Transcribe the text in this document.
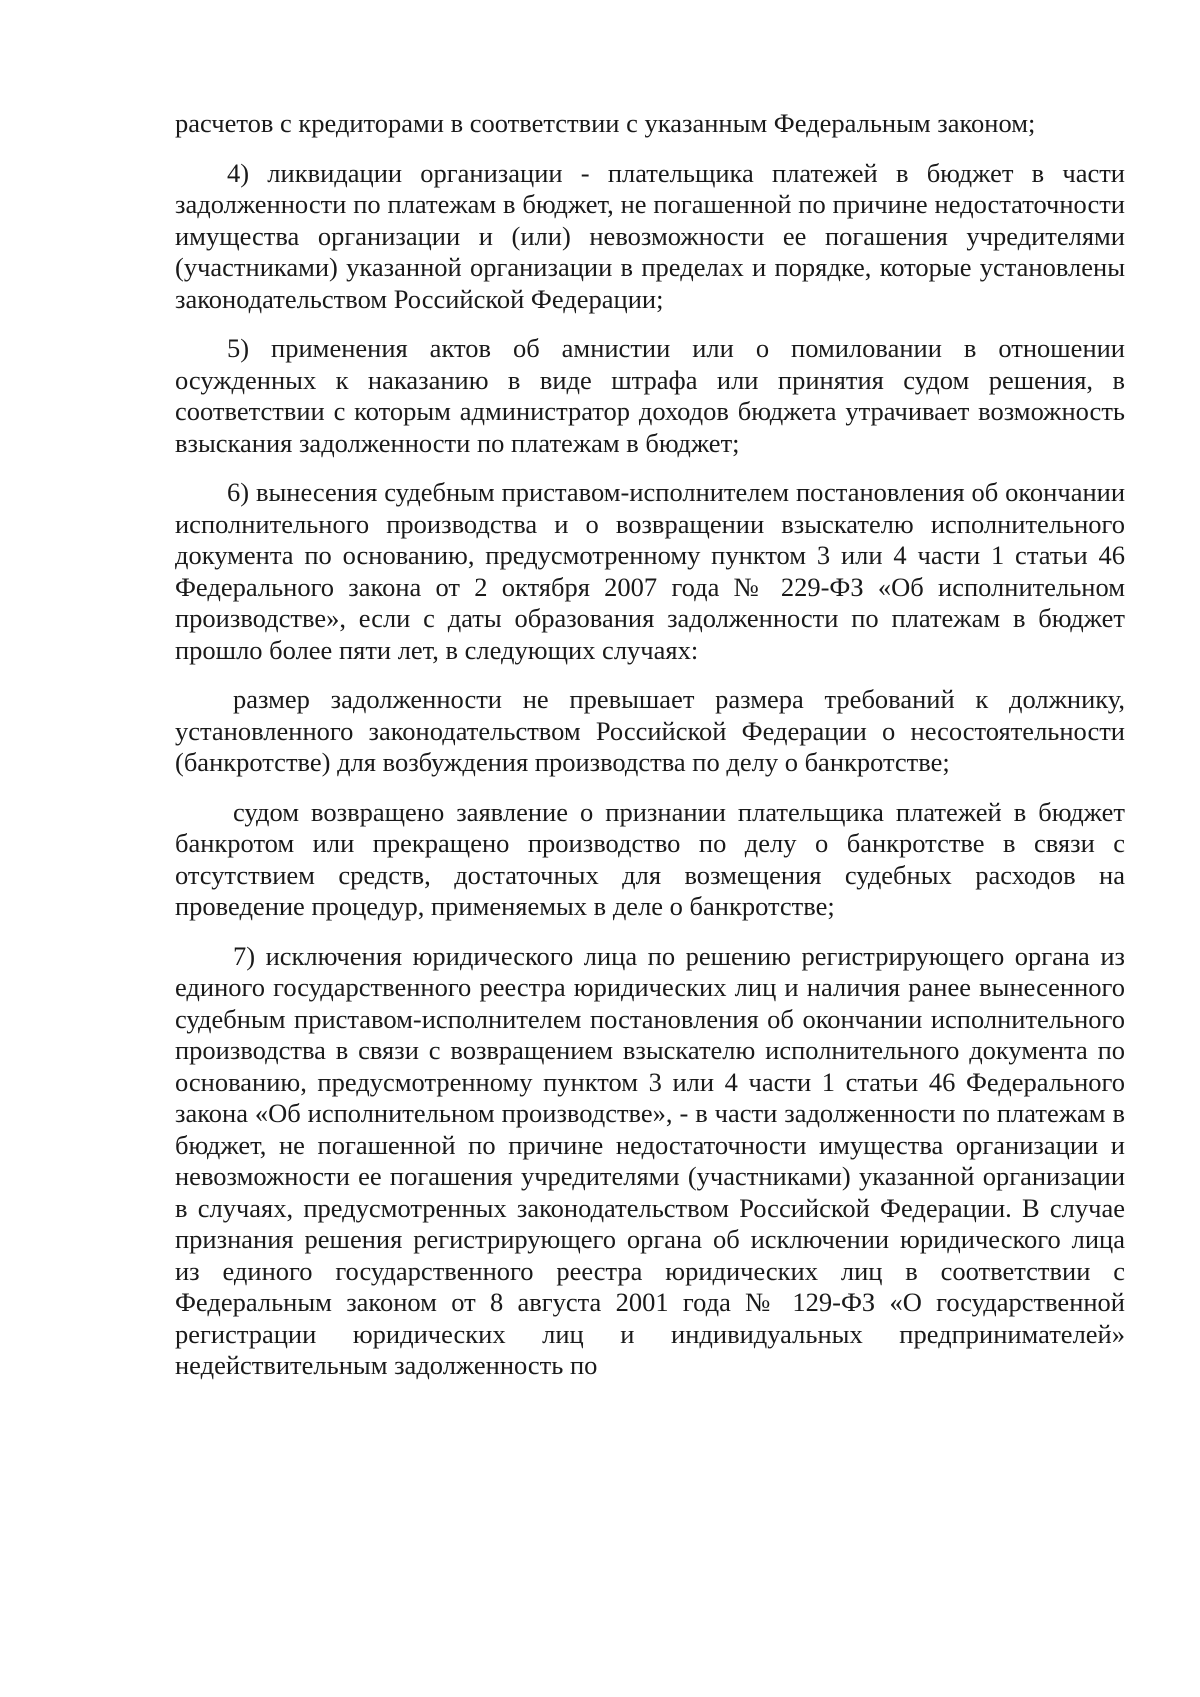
расчетов с кредиторами в соответствии с указанным Федеральным законом;

4) ликвидации организации - плательщика платежей в бюджет в части задолженности по платежам в бюджет, не погашенной по причине недостаточности имущества организации и (или) невозможности ее погашения учредителями (участниками) указанной организации в пределах и порядке, которые установлены законодательством Российской Федерации;

5) применения актов об амнистии или о помиловании в отношении осужденных к наказанию в виде штрафа или принятия судом решения, в соответствии с которым администратор доходов бюджета утрачивает возможность взыскания задолженности по платежам в бюджет;

6) вынесения судебным приставом-исполнителем постановления об окончании исполнительного производства и о возвращении взыскателю исполнительного документа по основанию, предусмотренному пунктом 3 или 4 части 1 статьи 46 Федерального закона от 2 октября 2007 года № 229-ФЗ «Об исполнительном производстве», если с даты образования задолженности по платежам в бюджет прошло более пяти лет, в следующих случаях:

размер задолженности не превышает размера требований к должнику, установленного законодательством Российской Федерации о несостоятельности (банкротстве) для возбуждения производства по делу о банкротстве;

судом возвращено заявление о признании плательщика платежей в бюджет банкротом или прекращено производство по делу о банкротстве в связи с отсутствием средств, достаточных для возмещения судебных расходов на проведение процедур, применяемых в деле о банкротстве;

7) исключения юридического лица по решению регистрирующего органа из единого государственного реестра юридических лиц и наличия ранее вынесенного судебным приставом-исполнителем постановления об окончании исполнительного производства в связи с возвращением взыскателю исполнительного документа по основанию, предусмотренному пунктом 3 или 4 части 1 статьи 46 Федерального закона «Об исполнительном производстве», - в части задолженности по платежам в бюджет, не погашенной по причине недостаточности имущества организации и невозможности ее погашения учредителями (участниками) указанной организации в случаях, предусмотренных законодательством Российской Федерации. В случае признания решения регистрирующего органа об исключении юридического лица из единого государственного реестра юридических лиц в соответствии с Федеральным законом от 8 августа 2001 года № 129-ФЗ «О государственной регистрации юридических лиц и индивидуальных предпринимателей» недействительным задолженность по
